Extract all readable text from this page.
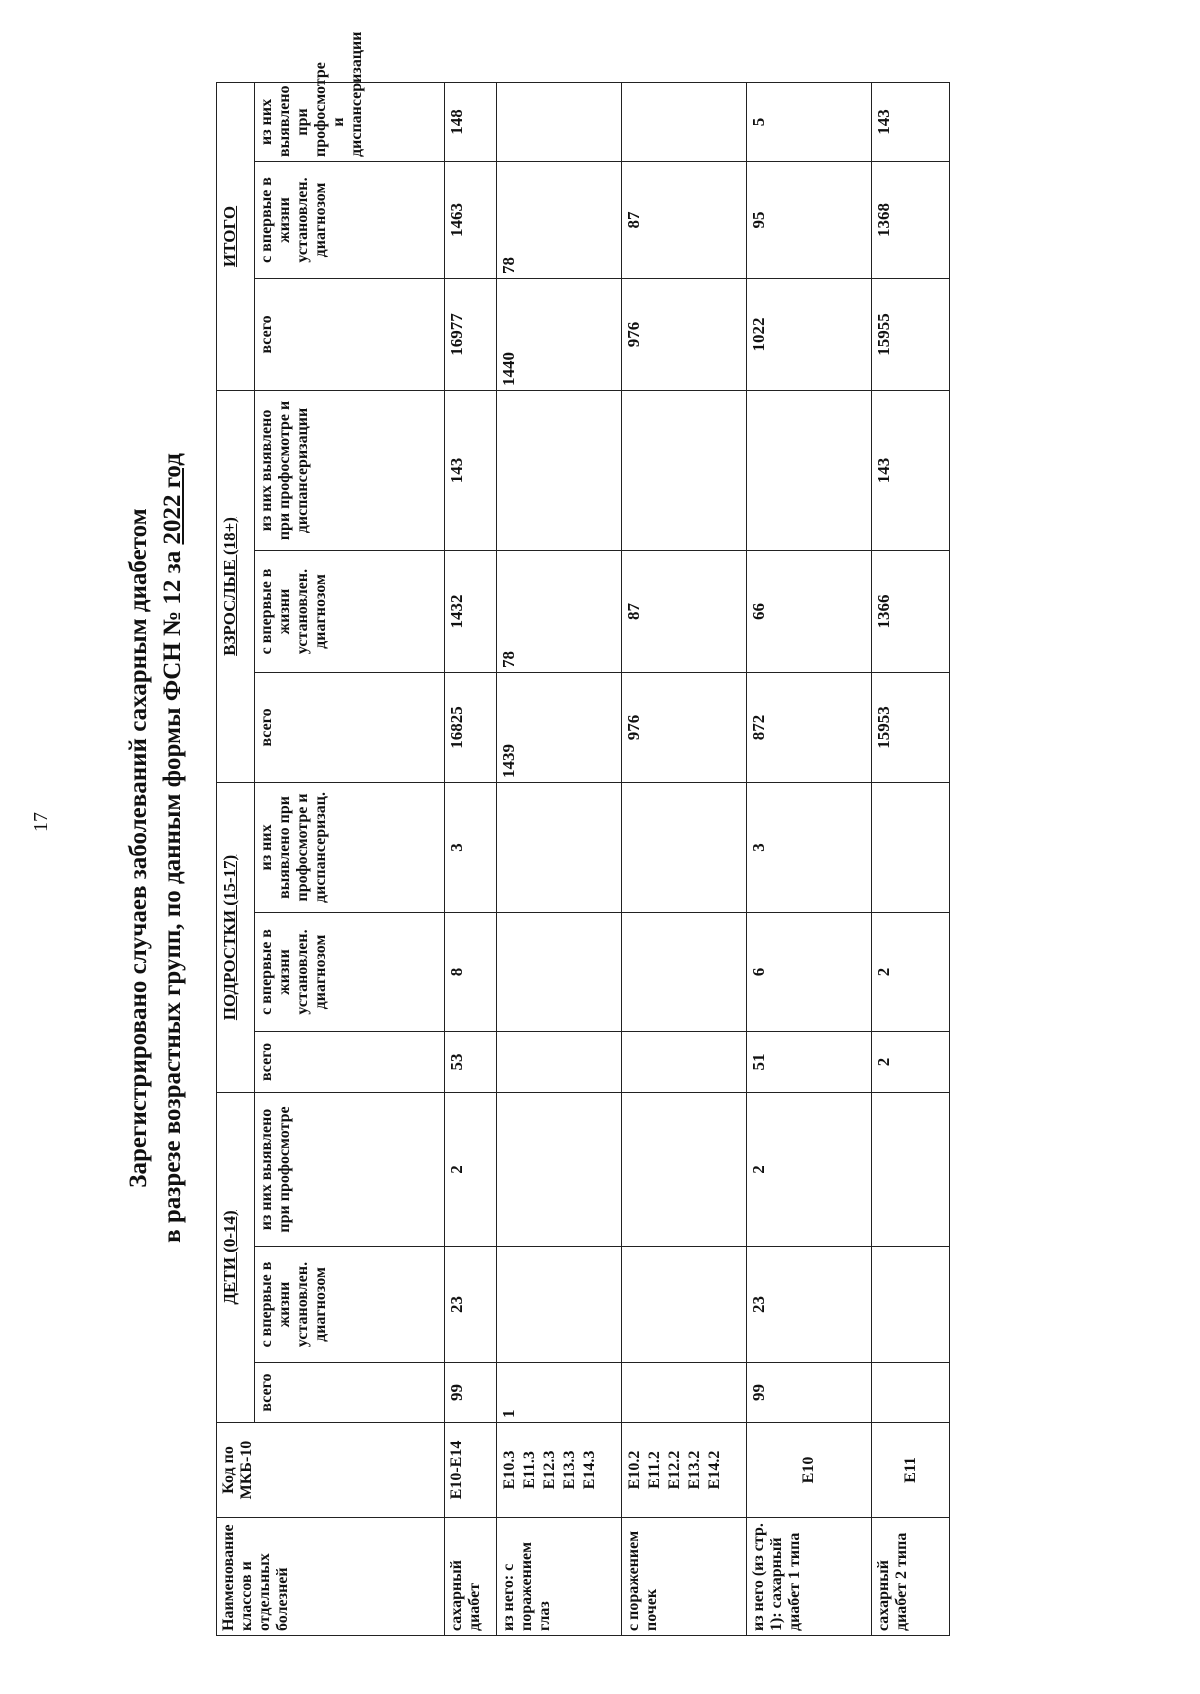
17	Зарегистрировано случаев заболеваний сахарным диабетом в разрезе возрастных групп, по данным формы ФСН № 12 за 2022 год
Наименование классов и отдельных болезней	Код по МКБ-10	ДЕТИ (0-14)			ПОДРОСТКИ (15-17)			ВЗРОСЛЫЕ (18+)			ИТОГО		
		всего	с впервые в жизни установлен. диагнозом	из них выявлено при профосмотре	всего	с впервые в жизни установлен. диагнозом	из них выявлено при профосмотре и диспансеризац.	всего	с впервые в жизни установлен. диагнозом	из них выявлено при профосмотре и диспансеризации	всего	с впервые в жизни установлен. диагнозом	из них выявлено при профосмотре и диспансеризации
сахарный диабет	Е10-Е14	99	23	2	53	8	3	16825	1432	143	16977	1463	148
из него: с поражением глаз	Е10.3 Е11.3 Е12.3 Е13.3 Е14.3	1						1439	78		1440	78	
с поражением почек	Е10.2 Е11.2 Е12.2 Е13.2 Е14.2							976	87		976	87	
из него (из стр. 1): сахарный диабет 1 типа	Е10	99	23	2	51	6	3	872	66		1022	95	5
сахарный диабет 2 типа	Е11				2	2		15953	1366	143	15955	1368	143
